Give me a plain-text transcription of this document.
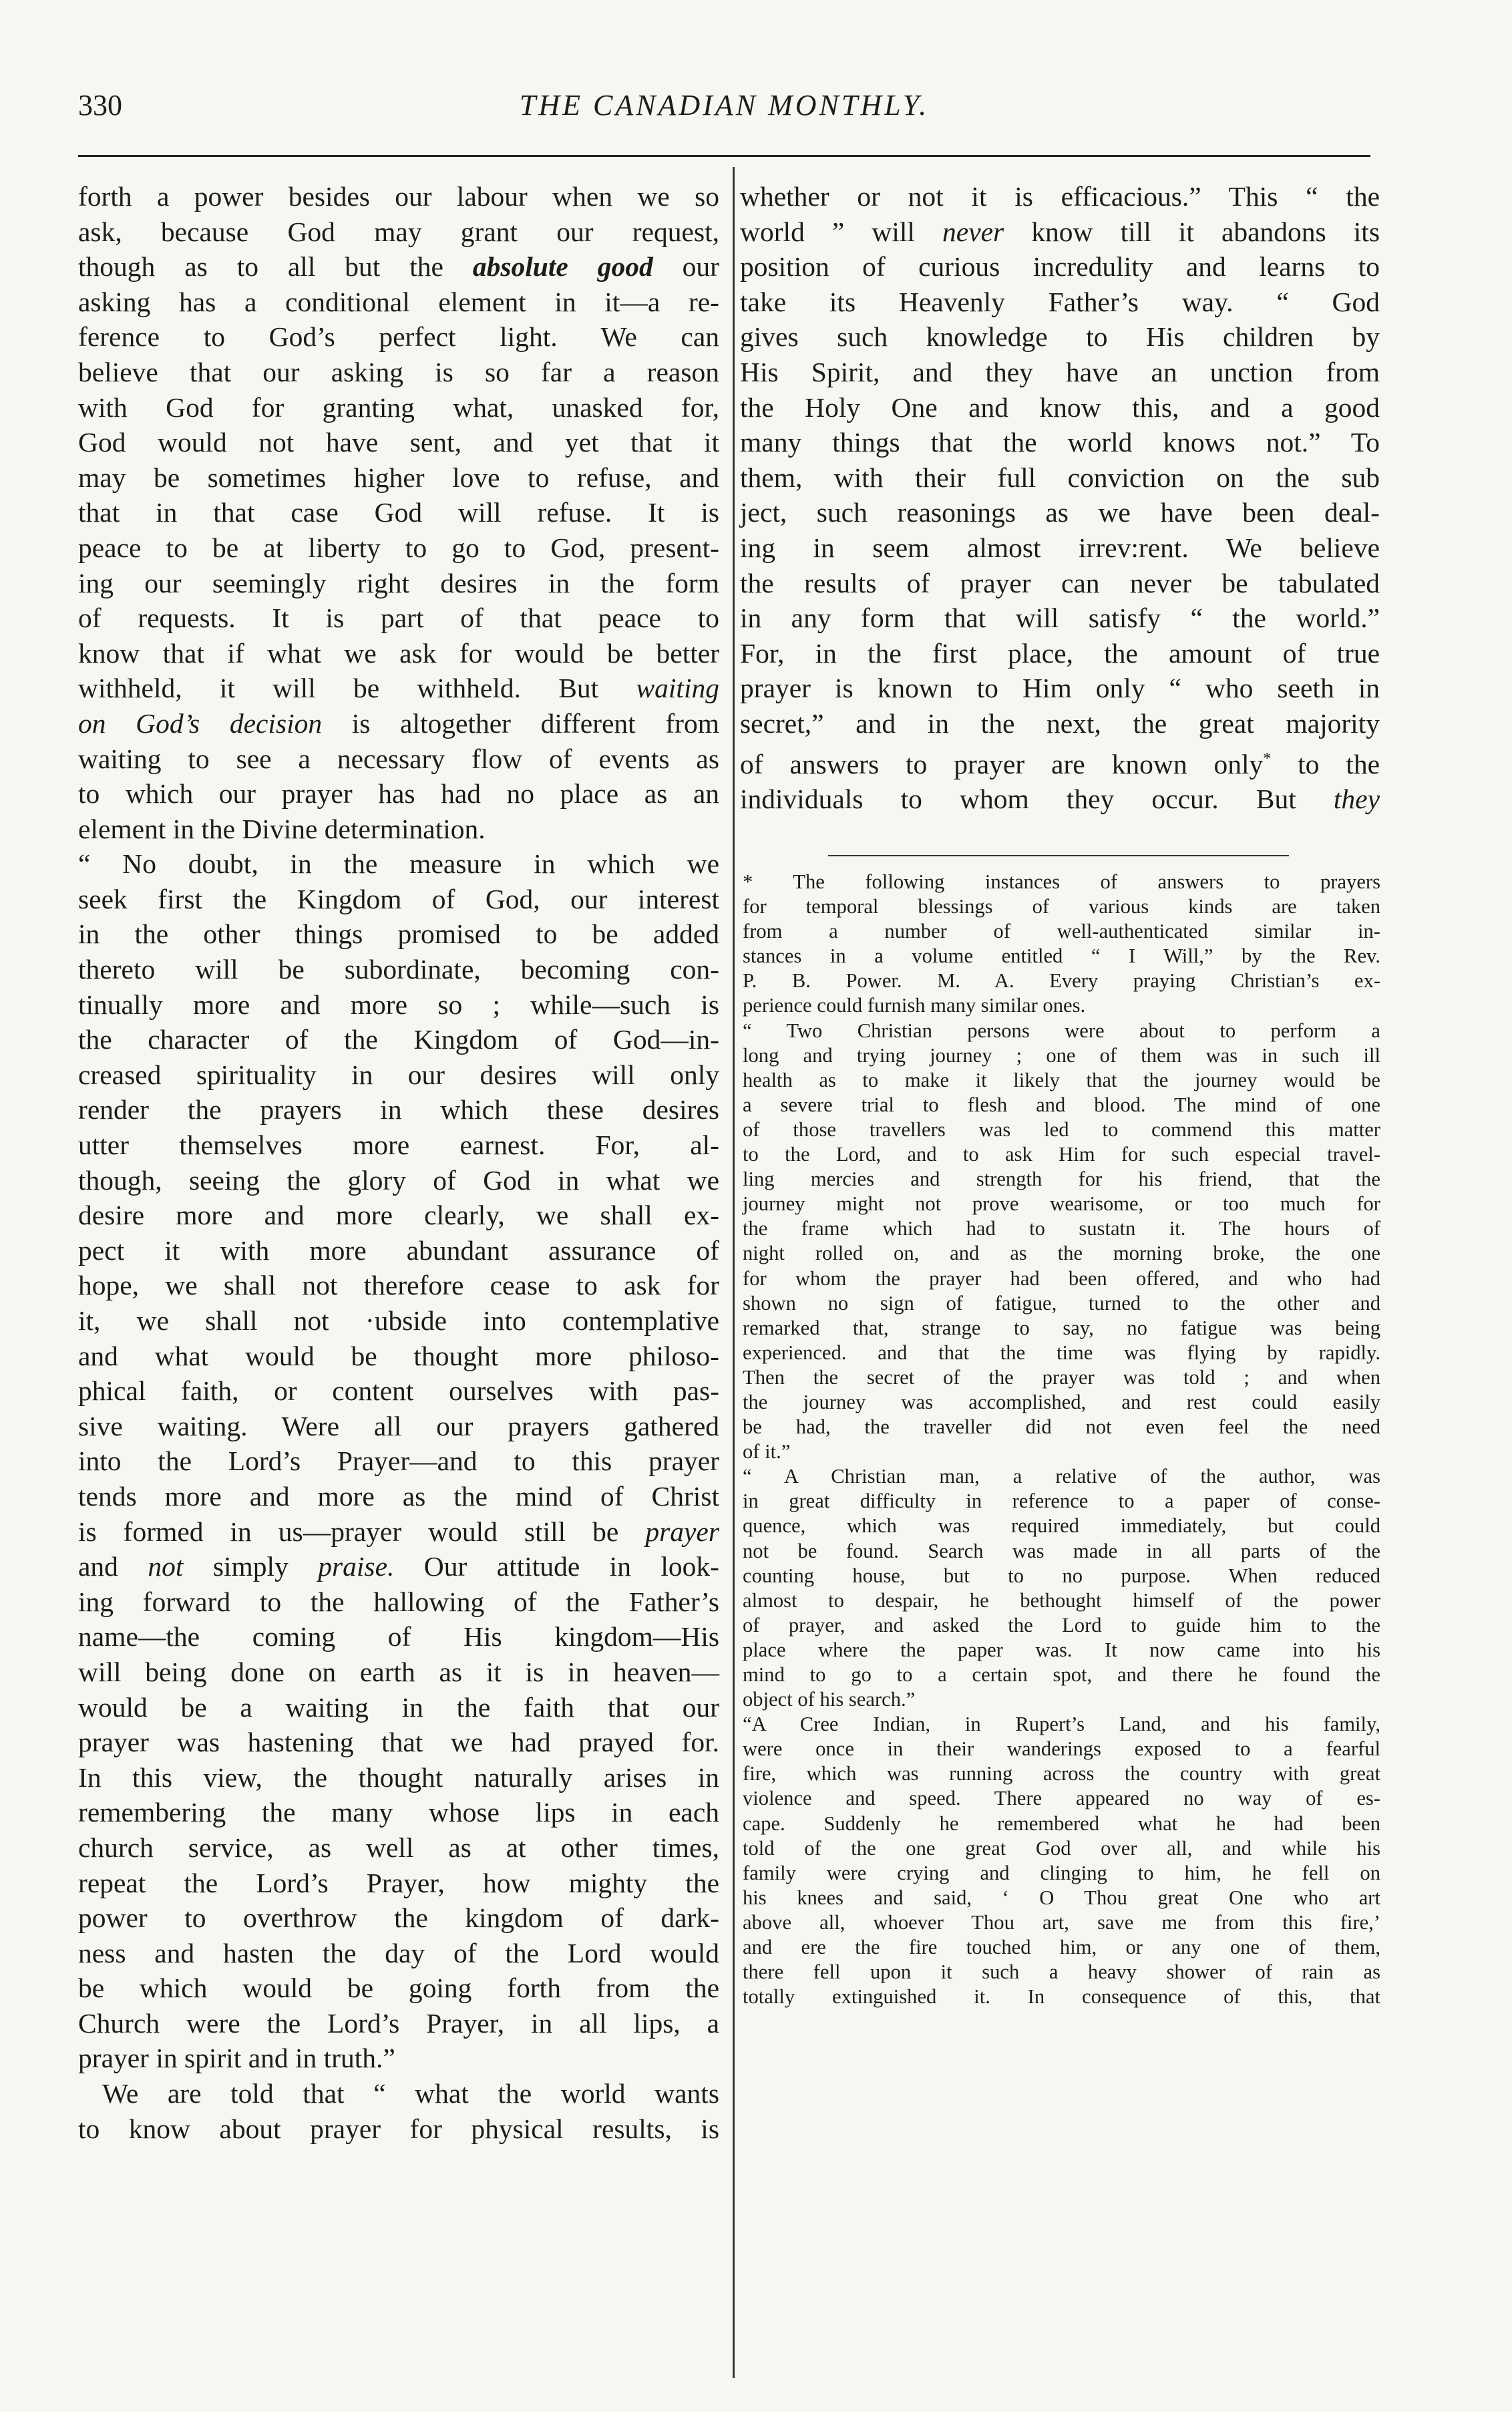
330	THE CANADIAN MONTHLY.

forth a power besides our labour when we so
ask, because God may grant our request,
though as to all but the absolute good our
asking has a conditional element in it—a re-
ference to God’s perfect light. We can
believe that our asking is so far a reason
with God for granting what, unasked for,
God would not have sent, and yet that it
may be sometimes higher love to refuse, and
that in that case God will refuse. It is
peace to be at liberty to go to God, present-
ing our seemingly right desires in the form
of requests. It is part of that peace to
know that if what we ask for would be better
withheld, it will be withheld. But waiting
on God’s decision is altogether different from
waiting to see a necessary flow of events as
to which our prayer has had no place as an
element in the Divine determination.

“ No doubt, in the measure in which we
seek first the Kingdom of God, our interest
in the other things promised to be added
thereto will be subordinate, becoming con-
tinually more and more so ; while—such is
the character of the Kingdom of God—in-
creased spirituality in our desires will only
render the prayers in which these desires
utter themselves more earnest. For, al-
though, seeing the glory of God in what we
desire more and more clearly, we shall ex-
pect it with more abundant assurance of
hope, we shall not therefore cease to ask for
it, we shall not ·ubside into contemplative
and what would be thought more philoso-
phical faith, or content ourselves with pas-
sive waiting. Were all our prayers gathered
into the Lord’s Prayer—and to this prayer
tends more and more as the mind of Christ
is formed in us—prayer would still be prayer
and not simply praise. Our attitude in look-
ing forward to the hallowing of the Father’s
name—the coming of His kingdom—His
will being done on earth as it is in heaven—
would be a waiting in the faith that our
prayer was hastening that we had prayed for.
In this view, the thought naturally arises in
remembering the many whose lips in each
church service, as well as at other times,
repeat the Lord’s Prayer, how mighty the
power to overthrow the kingdom of dark-
ness and hasten the day of the Lord would
be which would be going forth from the
Church were the Lord’s Prayer, in all lips, a
prayer in spirit and in truth.”

We are told that “ what the world wants
to know about prayer for physical results, is

whether or not it is efficacious.” This “ the
world ” will never know till it abandons its
position of curious incredulity and learns to
take its Heavenly Father’s way. “ God
gives such knowledge to His children by
His Spirit, and they have an unction from
the Holy One and know this, and a good
many things that the world knows not.” To
them, with their full conviction on the sub
ject, such reasonings as we have been deal-
ing in seem almost irrev:rent. We believe
the results of prayer can never be tabulated
in any form that will satisfy “ the world.”
For, in the first place, the amount of true
prayer is known to Him only “ who seeth in
secret,” and in the next, the great majority
of answers to prayer are known only* to the
individuals to whom they occur. But they

* The following instances of answers to prayers
for temporal blessings of various kinds are taken
from a number of well-authenticated similar in-
stances in a volume entitled “ I Will,” by the Rev.
P. B. Power. M. A. Every praying Christian’s ex-
perience could furnish many similar ones.

“ Two Christian persons were about to perform a
long and trying journey ; one of them was in such ill
health as to make it likely that the journey would be
a severe trial to flesh and blood. The mind of one
of those travellers was led to commend this matter
to the Lord, and to ask Him for such especial travel-
ling mercies and strength for his friend, that the
journey might not prove wearisome, or too much for
the frame which had to sustatn it. The hours of
night rolled on, and as the morning broke, the one
for whom the prayer had been offered, and who had
shown no sign of fatigue, turned to the other and
remarked that, strange to say, no fatigue was being
experienced. and that the time was flying by rapidly.
Then the secret of the prayer was told ; and when
the journey was accomplished, and rest could easily
be had, the traveller did not even feel the need
of it.”

“ A Christian man, a relative of the author, was
in great difficulty in reference to a paper of conse-
quence, which was required immediately, but could
not be found. Search was made in all parts of the
counting house, but to no purpose. When reduced
almost to despair, he bethought himself of the power
of prayer, and asked the Lord to guide him to the
place where the paper was. It now came into his
mind to go to a certain spot, and there he found the
object of his search.”

“A Cree Indian, in Rupert’s Land, and his family,
were once in their wanderings exposed to a fearful
fire, which was running across the country with great
violence and speed. There appeared no way of es-
cape. Suddenly he remembered what he had been
told of the one great God over all, and while his
family were crying and clinging to him, he fell on
his knees and said, ‘ O Thou great One who art
above all, whoever Thou art, save me from this fire,’
and ere the fire touched him, or any one of them,
there fell upon it such a heavy shower of rain as
totally extinguished it. In consequence of this, that
